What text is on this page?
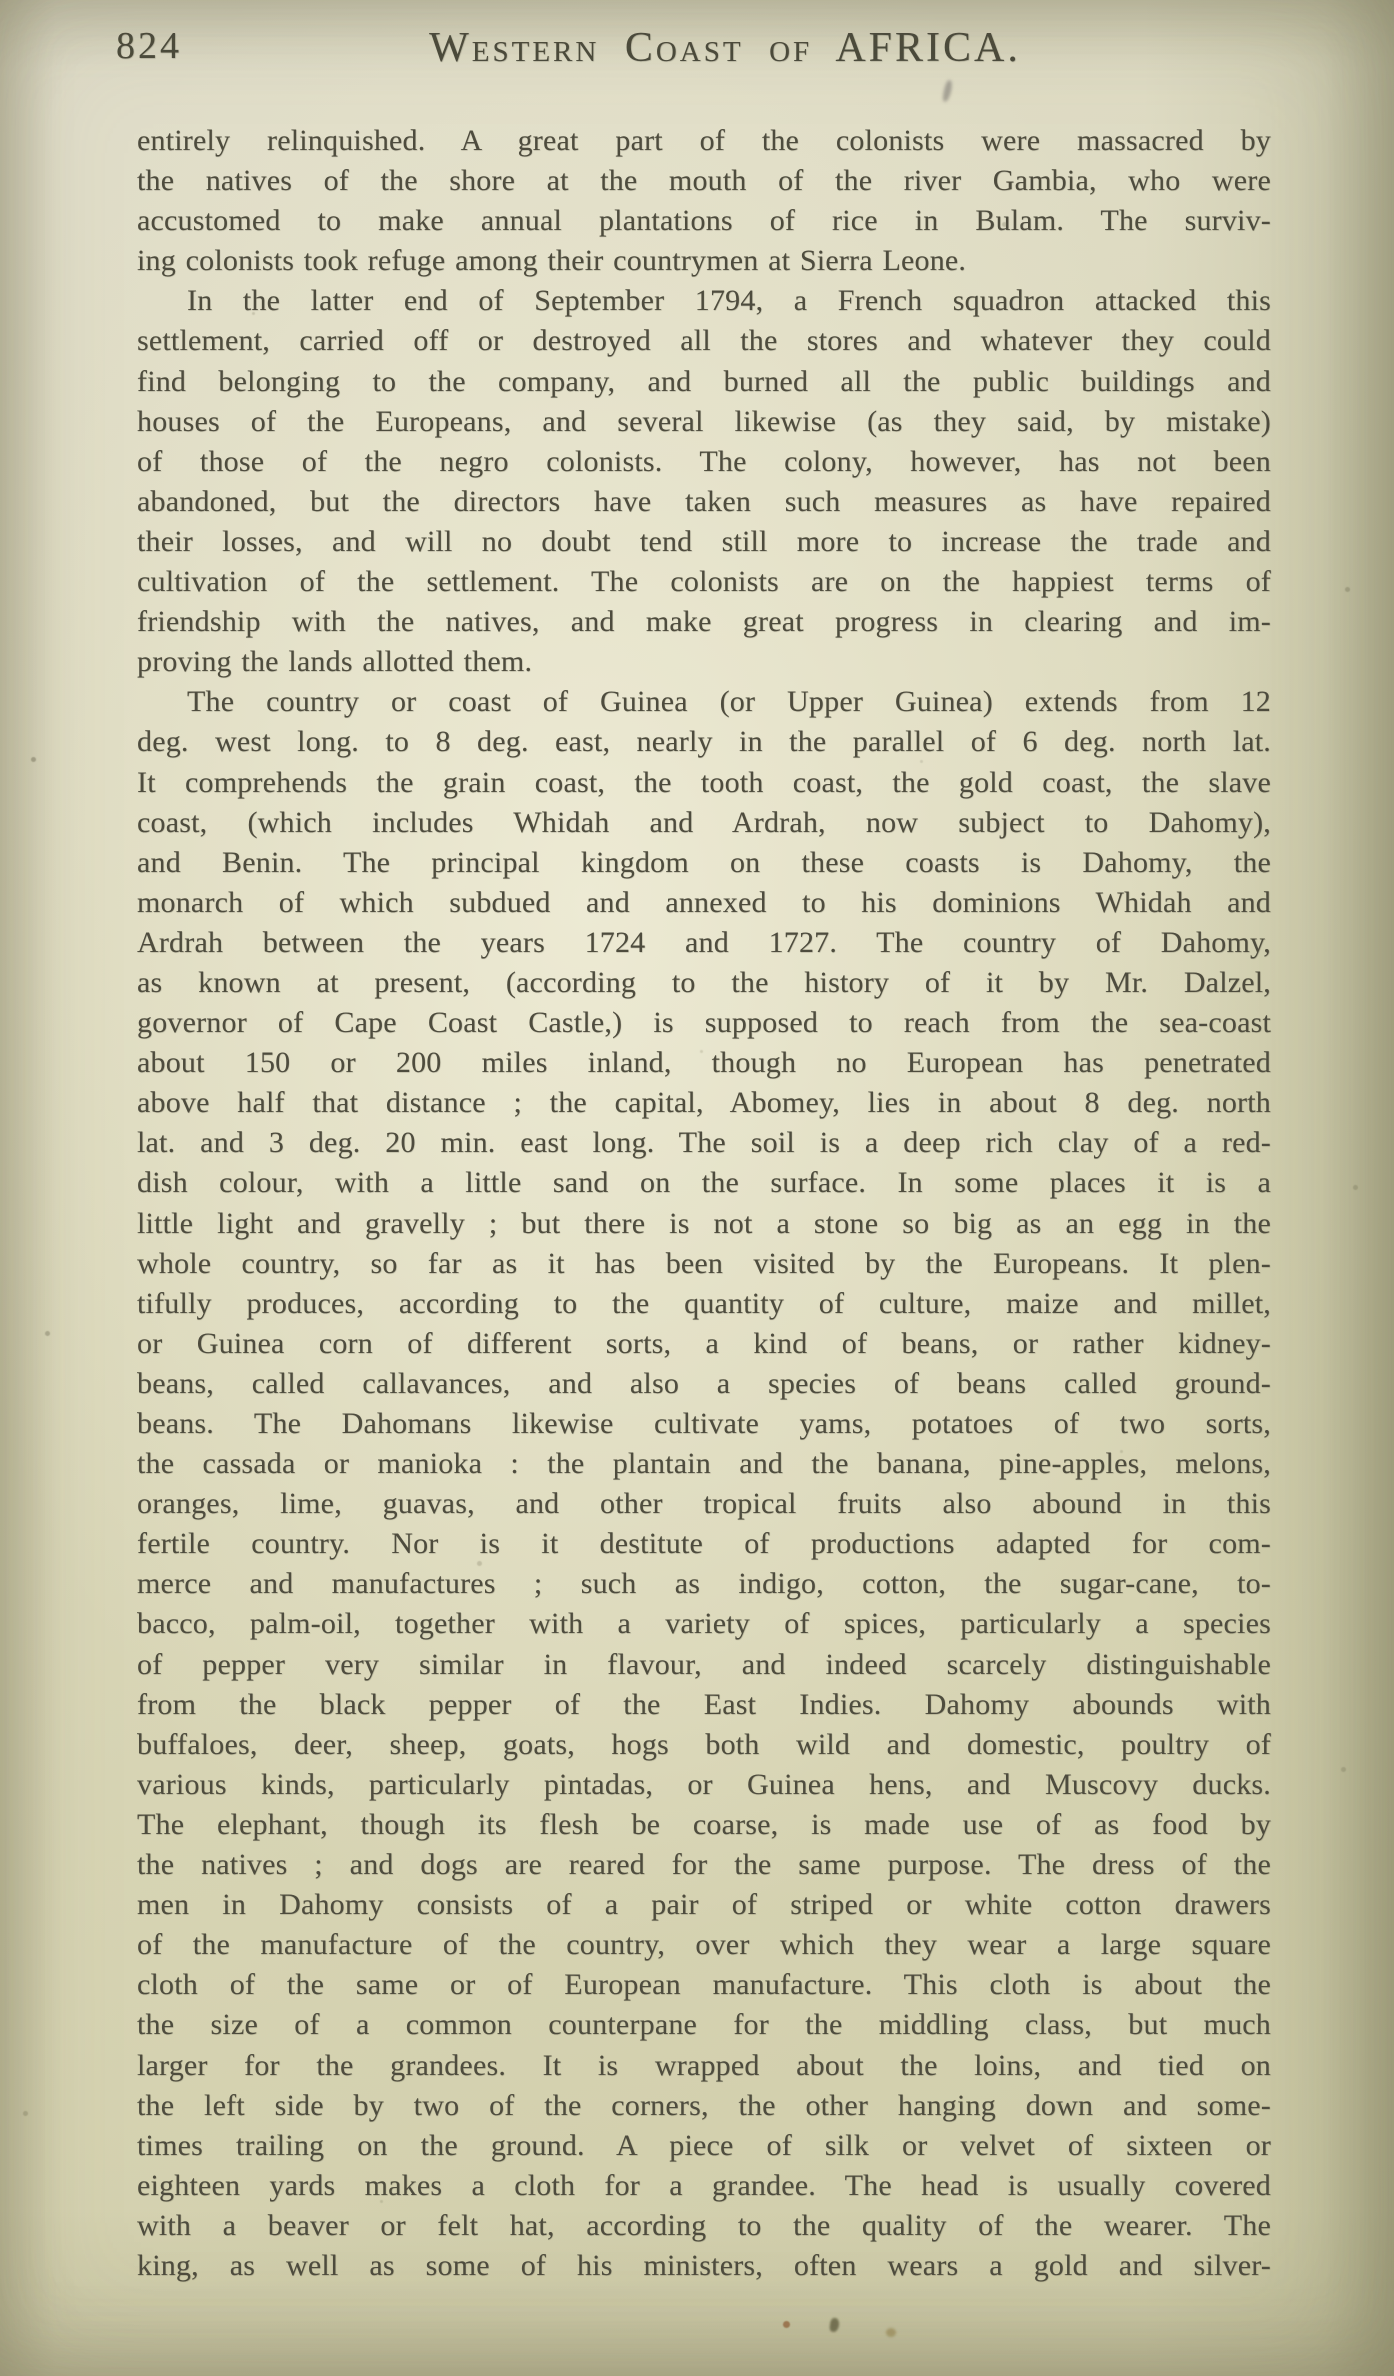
824	Western Coast of AFRICA.
entirely relinquished. A great part of the colonists were massacred by
the natives of the shore at the mouth of the river Gambia, who were
accustomed to make annual plantations of rice in Bulam. The surviv-
ing colonists took refuge among their countrymen at Sierra Leone.
In the latter end of September 1794, a French squadron attacked this
settlement, carried off or destroyed all the stores and whatever they could
find belonging to the company, and burned all the public buildings and
houses of the Europeans, and several likewise (as they said, by mistake)
of those of the negro colonists. The colony, however, has not been
abandoned, but the directors have taken such measures as have repaired
their losses, and will no doubt tend still more to increase the trade and
cultivation of the settlement. The colonists are on the happiest terms of
friendship with the natives, and make great progress in clearing and im-
proving the lands allotted them.
The country or coast of Guinea (or Upper Guinea) extends from 12
deg. west long. to 8 deg. east, nearly in the parallel of 6 deg. north lat.
It comprehends the grain coast, the tooth coast, the gold coast, the slave
coast, (which includes Whidah and Ardrah, now subject to Dahomy),
and Benin. The principal kingdom on these coasts is Dahomy, the
monarch of which subdued and annexed to his dominions Whidah and
Ardrah between the years 1724 and 1727. The country of Dahomy,
as known at present, (according to the history of it by Mr. Dalzel,
governor of Cape Coast Castle,) is supposed to reach from the sea-coast
about 150 or 200 miles inland, though no European has penetrated
above half that distance ; the capital, Abomey, lies in about 8 deg. north
lat. and 3 deg. 20 min. east long. The soil is a deep rich clay of a red-
dish colour, with a little sand on the surface. In some places it is a
little light and gravelly ; but there is not a stone so big as an egg in the
whole country, so far as it has been visited by the Europeans. It plen-
tifully produces, according to the quantity of culture, maize and millet,
or Guinea corn of different sorts, a kind of beans, or rather kidney-
beans, called callavances, and also a species of beans called ground-
beans. The Dahomans likewise cultivate yams, potatoes of two sorts,
the cassada or manioka : the plantain and the banana, pine-apples, melons,
oranges, lime, guavas, and other tropical fruits also abound in this
fertile country. Nor is it destitute of productions adapted for com-
merce and manufactures ; such as indigo, cotton, the sugar-cane, to-
bacco, palm-oil, together with a variety of spices, particularly a species
of pepper very similar in flavour, and indeed scarcely distinguishable
from the black pepper of the East Indies. Dahomy abounds with
buffaloes, deer, sheep, goats, hogs both wild and domestic, poultry of
various kinds, particularly pintadas, or Guinea hens, and Muscovy ducks.
The elephant, though its flesh be coarse, is made use of as food by
the natives ; and dogs are reared for the same purpose. The dress of the
men in Dahomy consists of a pair of striped or white cotton drawers
of the manufacture of the country, over which they wear a large square
cloth of the same or of European manufacture. This cloth is about the
the size of a common counterpane for the middling class, but much
larger for the grandees. It is wrapped about the loins, and tied on
the left side by two of the corners, the other hanging down and some-
times trailing on the ground. A piece of silk or velvet of sixteen or
eighteen yards makes a cloth for a grandee. The head is usually covered
with a beaver or felt hat, according to the quality of the wearer. The
king, as well as some of his ministers, often wears a gold and silver-
